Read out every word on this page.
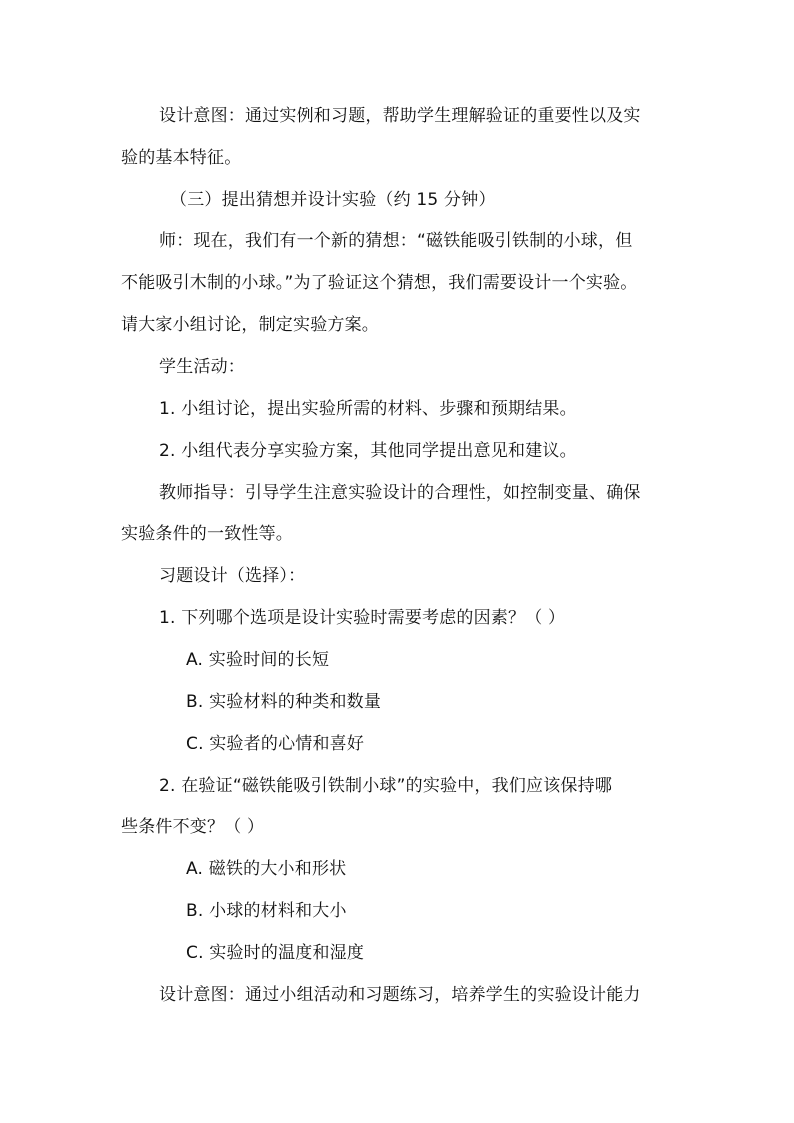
设计意图：通过实例和习题，帮助学生理解验证的重要性以及实
验的基本特征。
（三）提出猜想并设计实验（约 15 分钟）
师：现在，我们有一个新的猜想：“磁铁能吸引铁制的小球，但
不能吸引木制的小球。”为了验证这个猜想，我们需要设计一个实验。
请大家小组讨论，制定实验方案。
学生活动：
1. 小组讨论，提出实验所需的材料、步骤和预期结果。
2. 小组代表分享实验方案，其他同学提出意见和建议。
教师指导：引导学生注意实验设计的合理性，如控制变量、确保
实验条件的一致性等。
习题设计（选择）：
1. 下列哪个选项是设计实验时需要考虑的因素？（ ）
A. 实验时间的长短
B. 实验材料的种类和数量
C. 实验者的心情和喜好
2. 在验证“磁铁能吸引铁制小球”的实验中，我们应该保持哪
些条件不变？（ ）
A. 磁铁的大小和形状
B. 小球的材料和大小
C. 实验时的温度和湿度
设计意图：通过小组活动和习题练习，培养学生的实验设计能力
